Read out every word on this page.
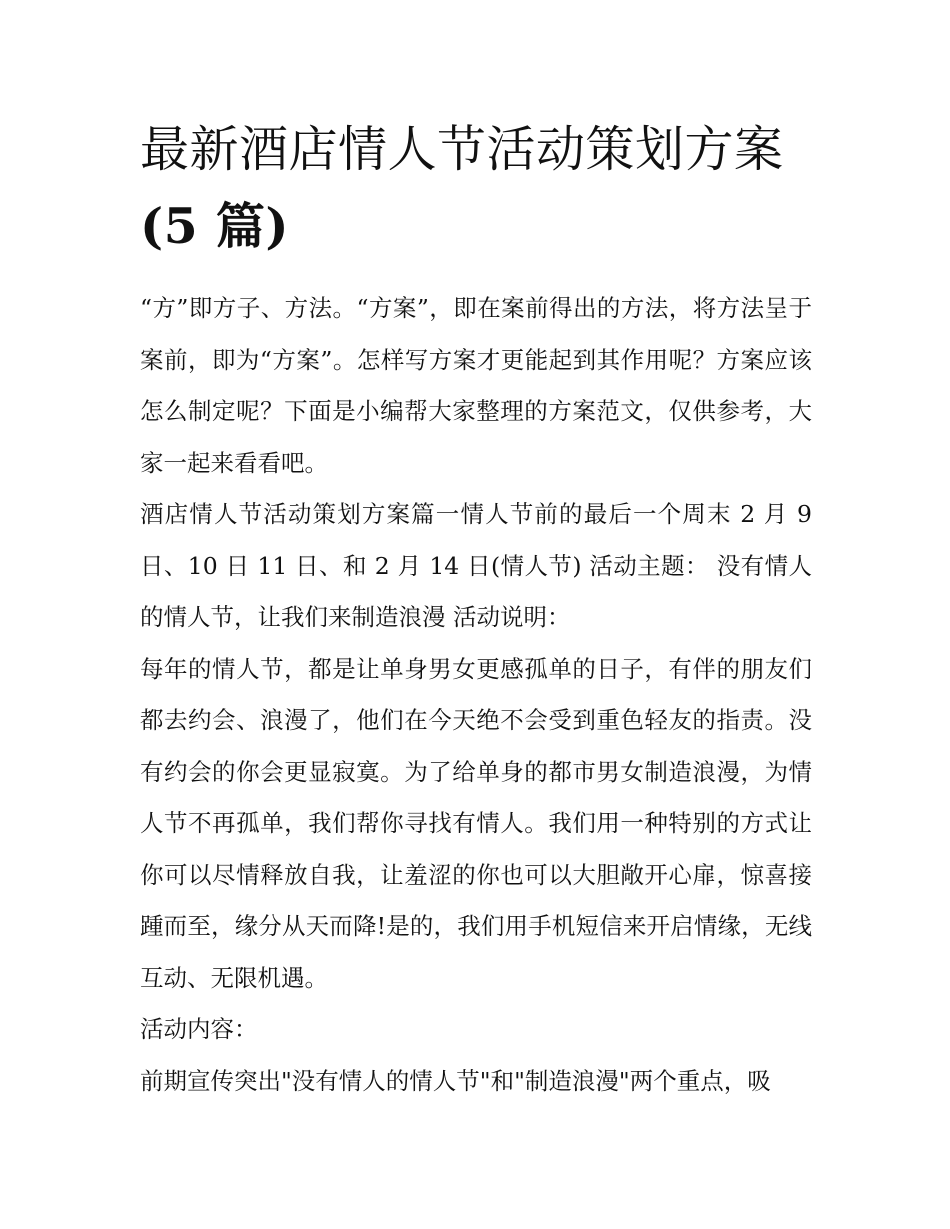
最新酒店情人节活动策划方案
(5 篇)

“方”即方子、方法。“方案”，即在案前得出的方法，将方法呈于案前，即为“方案”。怎样写方案才更能起到其作用呢？方案应该怎么制定呢？下面是小编帮大家整理的方案范文，仅供参考，大家一起来看看吧。

酒店情人节活动策划方案篇一情人节前的最后一个周末 2 月 9 日、10 日 11 日、和 2 月 14 日(情人节) 活动主题： 没有情人的情人节，让我们来制造浪漫 活动说明：

每年的情人节，都是让单身男女更感孤单的日子，有伴的朋友们都去约会、浪漫了，他们在今天绝不会受到重色轻友的指责。没有约会的你会更显寂寞。为了给单身的都市男女制造浪漫，为情人节不再孤单，我们帮你寻找有情人。我们用一种特别的方式让你可以尽情释放自我，让羞涩的你也可以大胆敞开心扉，惊喜接踵而至，缘分从天而降!是的，我们用手机短信来开启情缘，无线互动、无限机遇。

活动内容：

前期宣传突出"没有情人的情人节"和"制造浪漫"两个重点，吸
